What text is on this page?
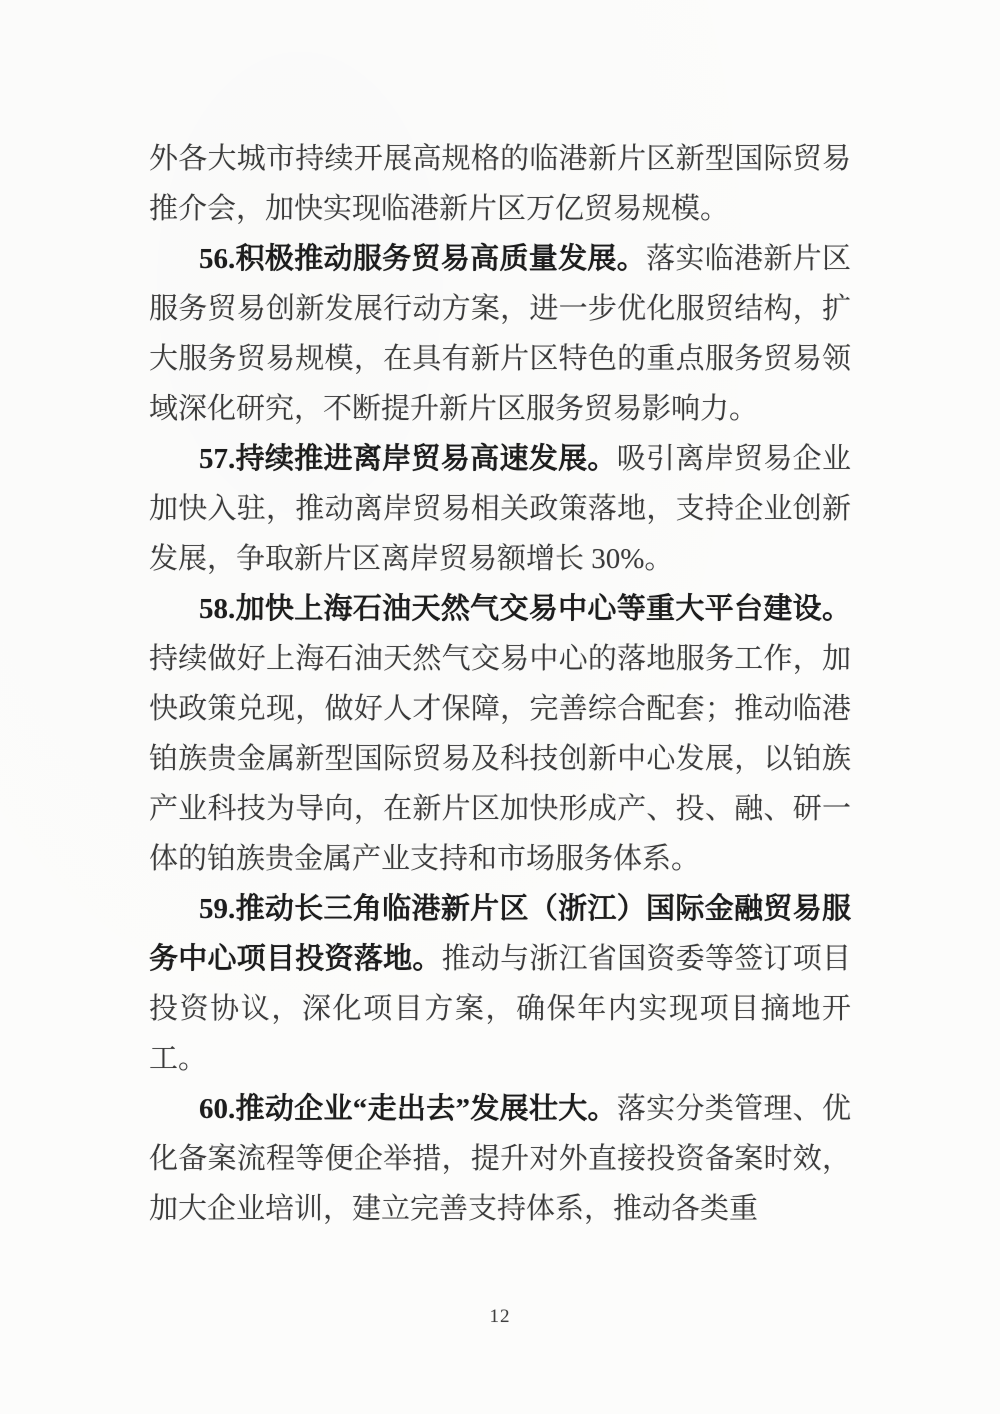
外各大城市持续开展高规格的临港新片区新型国际贸易推介会，加快实现临港新片区万亿贸易规模。

56.积极推动服务贸易高质量发展。落实临港新片区服务贸易创新发展行动方案，进一步优化服贸结构，扩大服务贸易规模，在具有新片区特色的重点服务贸易领域深化研究，不断提升新片区服务贸易影响力。

57.持续推进离岸贸易高速发展。吸引离岸贸易企业加快入驻，推动离岸贸易相关政策落地，支持企业创新发展，争取新片区离岸贸易额增长 30%。

58.加快上海石油天然气交易中心等重大平台建设。持续做好上海石油天然气交易中心的落地服务工作，加快政策兑现，做好人才保障，完善综合配套；推动临港铂族贵金属新型国际贸易及科技创新中心发展，以铂族产业科技为导向，在新片区加快形成产、投、融、研一体的铂族贵金属产业支持和市场服务体系。

59.推动长三角临港新片区（浙江）国际金融贸易服务中心项目投资落地。推动与浙江省国资委等签订项目投资协议，深化项目方案，确保年内实现项目摘地开工。

60.推动企业“走出去”发展壮大。落实分类管理、优化备案流程等便企举措，提升对外直接投资备案时效，加大企业培训，建立完善支持体系，推动各类重

12
